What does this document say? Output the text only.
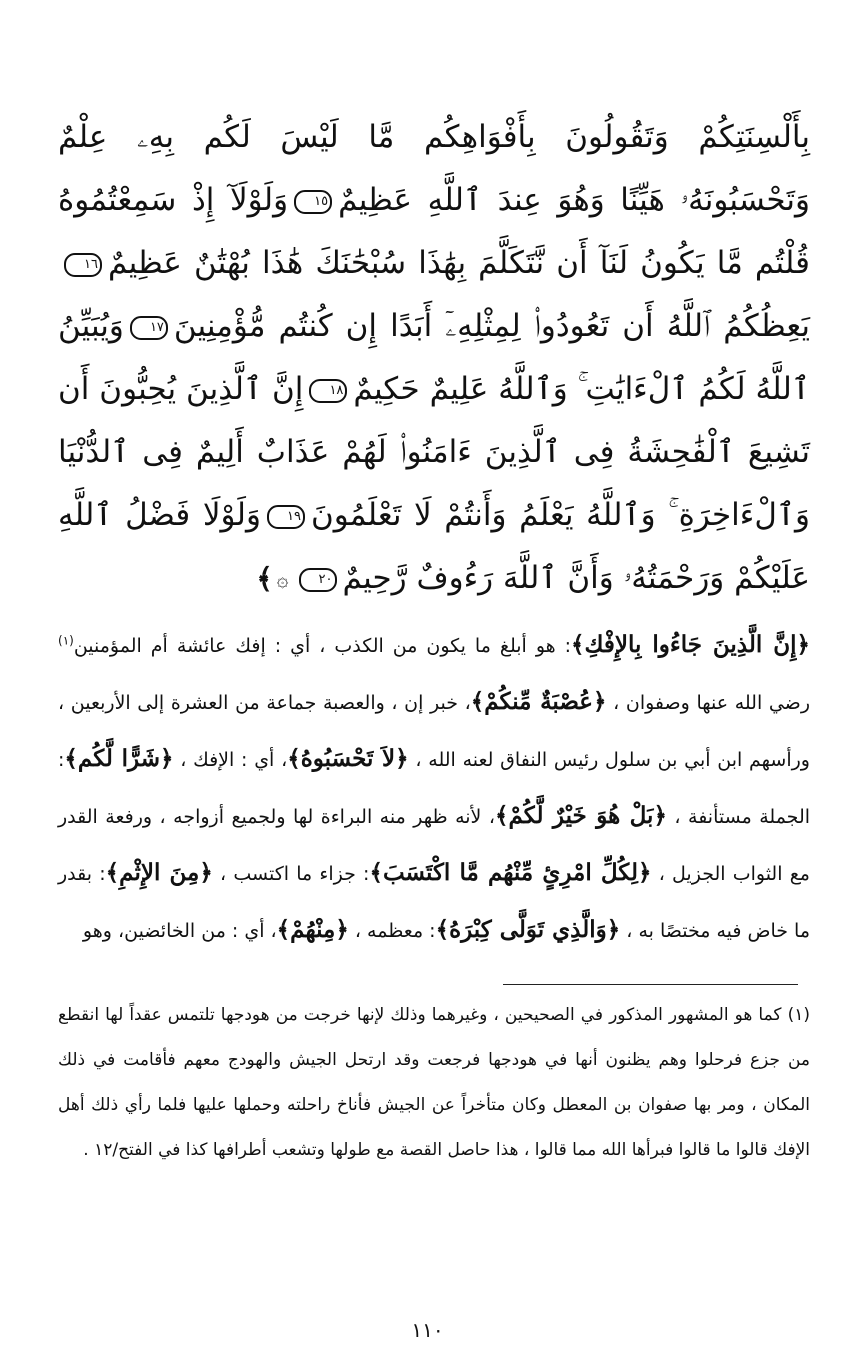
بِأَلْسِنَتِكُمْ وَتَقُولُونَ بِأَفْوَاهِكُم مَّا لَيْسَ لَكُم بِهِۦ عِلْمٌ وَتَحْسَبُونَهُۥ هَيِّنًا وَهُوَ عِندَ ٱللَّهِ عَظِيمٌ١٥وَلَوْلَآ إِذْ سَمِعْتُمُوهُ قُلْتُم مَّا يَكُونُ لَنَآ أَن نَّتَكَلَّمَ بِهَٰذَا سُبْحَٰنَكَ هَٰذَا بُهْتَٰنٌ عَظِيمٌ١٦يَعِظُكُمُ ٱللَّهُ أَن تَعُودُوا۟ لِمِثْلِهِۦٓ أَبَدًا إِن كُنتُم مُّؤْمِنِينَ١٧وَيُبَيِّنُ ٱللَّهُ لَكُمُ ٱلْءَايَٰتِ ۚ وَٱللَّهُ عَلِيمٌ حَكِيمٌ١٨إِنَّ ٱلَّذِينَ يُحِبُّونَ أَن تَشِيعَ ٱلْفَٰحِشَةُ فِى ٱلَّذِينَ ءَامَنُوا۟ لَهُمْ عَذَابٌ أَلِيمٌ فِى ٱلدُّنْيَا وَٱلْءَاخِرَةِ ۚ وَٱللَّهُ يَعْلَمُ وَأَنتُمْ لَا تَعْلَمُونَ١٩وَلَوْلَا فَضْلُ ٱللَّهِ عَلَيْكُمْ وَرَحْمَتُهُۥ وَأَنَّ ٱللَّهَ رَءُوفٌ رَّحِيمٌ٢٠۞﴾

﴿إِنَّ الَّذِينَ جَاءُوا بِالإِفْكِ﴾: هو أبلغ ما يكون من الكذب ، أي : إفك عائشة أم المؤمنين$^{(١)}$ رضي الله عنها وصفوان ، ﴿عُصْبَةٌ مِّنكُمْ﴾، خبر إن ، والعصبة جماعة من العشرة إلى الأربعين ، ورأسهم ابن أبي بن سلول رئيس النفاق لعنه الله ، ﴿لاَ تَحْسَبُوهُ﴾، أي : الإفك ، ﴿شَرًّا لَّكُم﴾: الجملة مستأنفة ، ﴿بَلْ هُوَ خَيْرٌ لَّكُمْ﴾، لأنه ظهر منه البراءة لها ولجميع أزواجه ، ورفعة القدر مع الثواب الجزيل ، ﴿لِكُلِّ امْرِئٍ مِّنْهُم مَّا اكْتَسَبَ﴾: جزاء ما اكتسب ، ﴿مِنَ الإِثْمِ﴾: بقدر ما خاض فيه مختصًا به ، ﴿وَالَّذِي تَوَلَّى كِبْرَهُ﴾: معظمه ، ﴿مِنْهُمْ﴾، أي : من الخائضين، وهو

(١) كما هو المشهور المذكور في الصحيحين ، وغيرهما وذلك لإنها خرجت من هودجها تلتمس عقداً لها انقطع من جزع فرحلوا وهم يظنون أنها في هودجها فرجعت وقد ارتحل الجيش والهودج معهم فأقامت في ذلك المكان ، ومر بها صفوان بن المعطل وكان متأخراً عن الجيش فأناخ راحلته وحملها عليها فلما رأي ذلك أهل الإفك قالوا ما قالوا فبرأها الله مما قالوا ، هذا حاصل القصة مع طولها وتشعب أطرافها كذا في الفتح/١٢ .

١١٠
